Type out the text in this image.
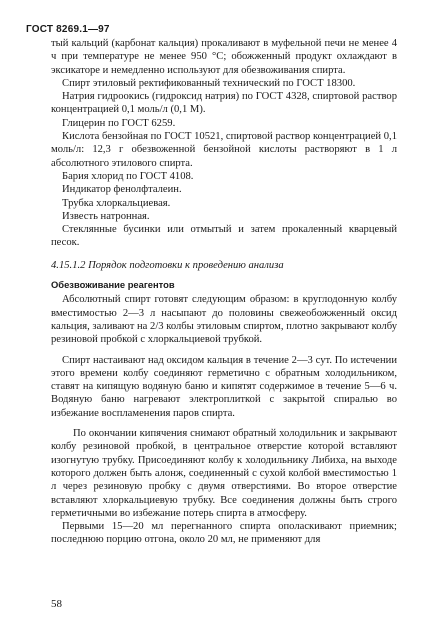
ГОСТ 8269.1—97

тый кальций (карбонат кальция) прокаливают в муфельной печи не менее 4 ч при температуре не менее 950 °С; обожженный продукт охлаждают в эксикаторе и немедленно используют для обезвоживания спирта.

Спирт этиловый ректификованный технический по ГОСТ 18300.

Натрия гидроокись (гидроксид натрия) по ГОСТ 4328, спиртовой раствор концентрацией 0,1 моль/л (0,1 М).

Глицерин по ГОСТ 6259.

Кислота бензойная по ГОСТ 10521, спиртовой раствор концентрацией 0,1 моль/л: 12,3 г обезвоженной бензойной кислоты растворяют в 1 л абсолютного этилового спирта.

Бария хлорид по ГОСТ 4108.

Индикатор фенолфталеин.

Трубка хлоркальциевая.

Известь натронная.

Стеклянные бусинки или отмытый и затем прокаленный кварцевый песок.

4.15.1.2 Порядок подготовки к проведению анализа

Обезвоживание реагентов

Абсолютный спирт готовят следующим образом: в круглодонную колбу вместимостью 2—3 л насыпают до половины свежеобожженный оксид кальция, заливают на 2/3 колбы этиловым спиртом, плотно закрывают колбу резиновой пробкой с хлоркальциевой трубкой.

Спирт настаивают над оксидом кальция в течение 2—3 сут. По истечении этого времени колбу соединяют герметично с обратным холодильником, ставят на кипящую водяную баню и кипятят содержимое в течение 5—6 ч. Водяную баню нагревают электроплиткой с закрытой спиралью во избежание воспламенения паров спирта.

По окончании кипячения снимают обратный холодильник и закрывают колбу резиновой пробкой, в центральное отверстие которой вставляют изогнутую трубку. Присоединяют колбу к холодильнику Либиха, на выходе которого должен быть алонж, соединенный с сухой колбой вместимостью 1 л через резиновую пробку с двумя отверстиями. Во второе отверстие вставляют хлоркальциевую трубку. Все соединения должны быть строго герметичными во избежание потерь спирта в атмосферу.

Первыми 15—20 мл перегнанного спирта ополаскивают приемник; последнюю порцию отгона, около 20 мл, не применяют для

58
